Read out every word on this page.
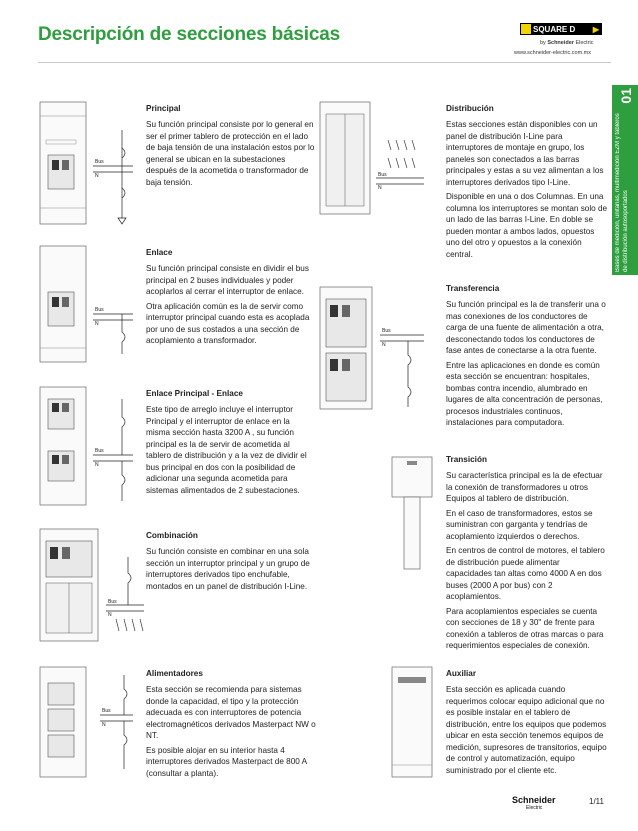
Descripción de secciones básicas	SQUARE D	▶
by Schneider Electric
www.schneider-electric.com.mx
01
Bases de medición, unitarias, multimedición EZM y tableros de distribución autosoportados
Bus
N
Bus
N
Bus
N
Bus
N
Bus
N
Bus
N
Bus
N
Principal

Su función principal consiste por lo general en ser el primer tablero de protección en el lado de baja tensión de una instalación estos por lo general se ubican en la subestaciones después de la acometida o transformador de baja tensión.

Enlace

Su función principal consiste en dividir el bus principal en 2 buses individuales y poder acoplarlos al cerrar el interruptor de enlace.

Otra aplicación común es la de servir como interruptor principal cuando esta es acoplada por uno de sus costados a una sección de acoplamiento a transformador.

Enlace Principal - Enlace

Este tipo de arreglo incluye el interruptor Principal y el interruptor de enlace en la misma sección hasta 3200 A , su función principal es la de servir de acometida al tablero de distribución y a la vez de dividir el bus principal en dos con la posibilidad de adicionar una segunda acometida para sistemas alimentados de 2 subestaciones.

Combinación

Su función consiste en combinar en una sola sección un interruptor principal y un grupo de interruptores derivados tipo enchufable, montados en un panel de distribución I-Line.

Alimentadores

Esta sección se recomienda para sistemas donde la capacidad, el tipo y la protección adecuada es con interruptores de potencia electromagnéticos derivados Masterpact NW o NT.

Es posible alojar en su interior hasta 4 interruptores derivados Masterpact de 800 A (consultar a planta).

Distribución

Estas secciones están disponibles con un panel de distribución I-Line para interruptores de montaje en grupo, los paneles son conectados a las barras principales y estas a su vez alimentan a los interruptores derivados tipo I-Line.

Disponible en una o dos Columnas. En una columna los interruptores se montan solo de un lado de las barras I-Line. En doble se pueden montar a ambos lados, opuestos uno del otro y opuestos a la conexión central.

Transferencia

Su función principal es la de transferir una o mas conexiones de los conductores de carga de una fuente de alimentación a otra, desconectando todos los conductores de fase antes de conectarse a la otra fuente.

Entre las aplicaciones en donde es común esta sección se encuentran: hospitales, bombas contra incendio, alumbrado en lugares de alta concentración de personas, procesos industriales continuos, instalaciones para computadora.

Transición

Su característica principal es la de efectuar la conexión de transformadores u otros Equipos al tablero de distribución.

En el caso de transformadores, estos se suministran con garganta y tendrías de acoplamiento izquierdos o derechos.

En centros de control de motores, el tablero de distribución puede alimentar capacidades tan altas como 4000 A en dos buses (2000 A por bus) con 2 acoplamientos.

Para acoplamientos especiales se cuenta con secciones de 18 y 30" de frente para conexión a tableros de otras marcas o para requerimientos especiales de conexión.

Auxiliar

Esta sección es aplicada cuando requerimos colocar equipo adicional que no es posible instalar en el tablero de distribución, entre los equipos que podemos ubicar en esta sección tenemos equipos de medición, supresores de transitorios, equipo de control y automatización, equipo suministrado por el cliente etc.

Schneider
Electric
1/11
